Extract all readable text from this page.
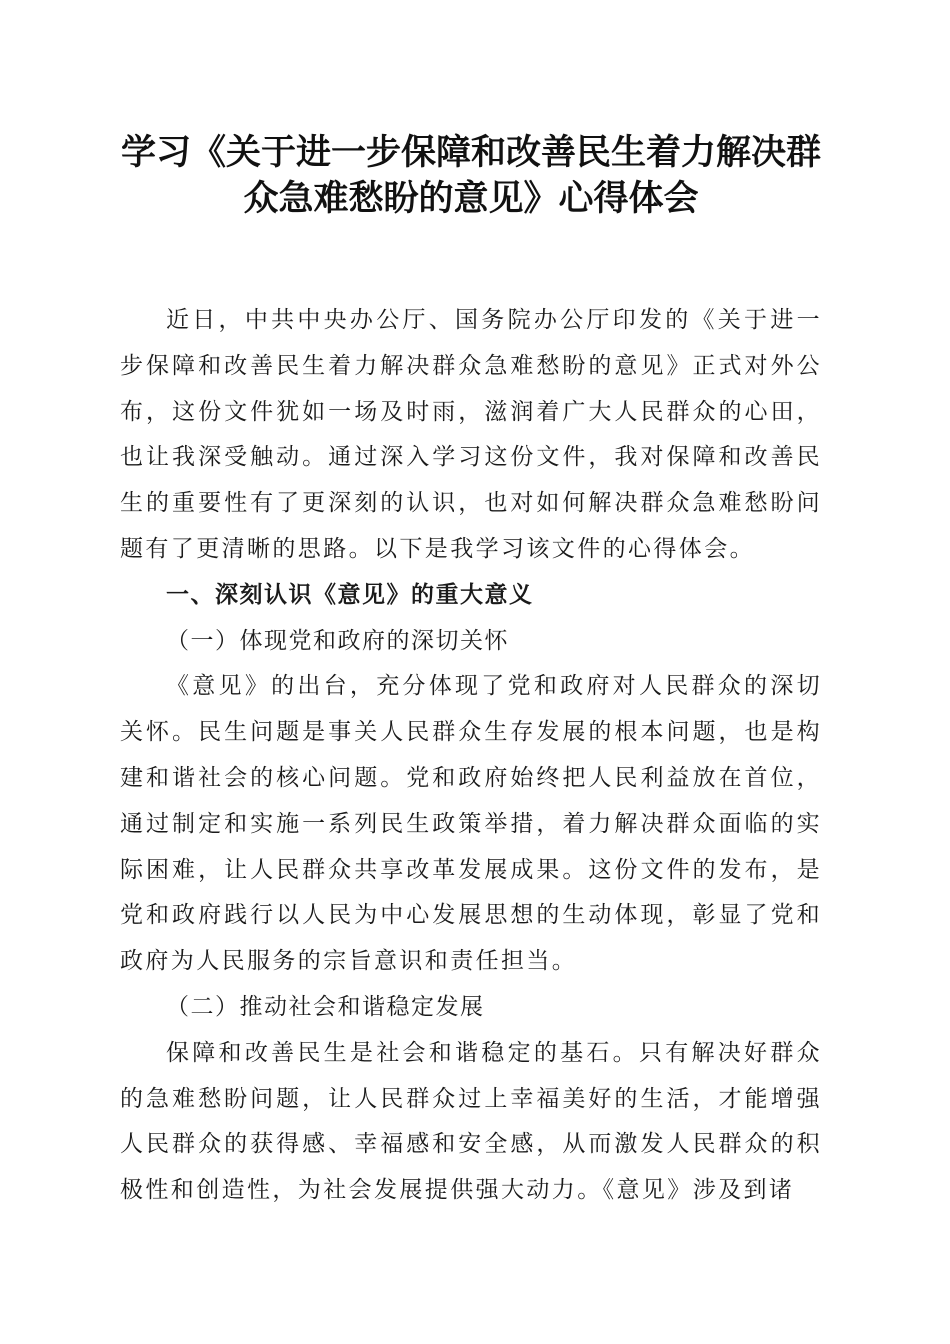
学习《关于进一步保障和改善民生着力解决群
众急难愁盼的意见》心得体会

近日，中共中央办公厅、国务院办公厅印发的《关于进一步保障和改善民生着力解决群众急难愁盼的意见》正式对外公布，这份文件犹如一场及时雨，滋润着广大人民群众的心田，也让我深受触动。通过深入学习这份文件，我对保障和改善民生的重要性有了更深刻的认识，也对如何解决群众急难愁盼问题有了更清晰的思路。以下是我学习该文件的心得体会。

一、深刻认识《意见》的重大意义

（一）体现党和政府的深切关怀

《意见》的出台，充分体现了党和政府对人民群众的深切关怀。民生问题是事关人民群众生存发展的根本问题，也是构建和谐社会的核心问题。党和政府始终把人民利益放在首位，通过制定和实施一系列民生政策举措，着力解决群众面临的实际困难，让人民群众共享改革发展成果。这份文件的发布，是党和政府践行以人民为中心发展思想的生动体现，彰显了党和政府为人民服务的宗旨意识和责任担当。

（二）推动社会和谐稳定发展

保障和改善民生是社会和谐稳定的基石。只有解决好群众的急难愁盼问题，让人民群众过上幸福美好的生活，才能增强人民群众的获得感、幸福感和安全感，从而激发人民群众的积极性和创造性，为社会发展提供强大动力。《意见》涉及到诸
